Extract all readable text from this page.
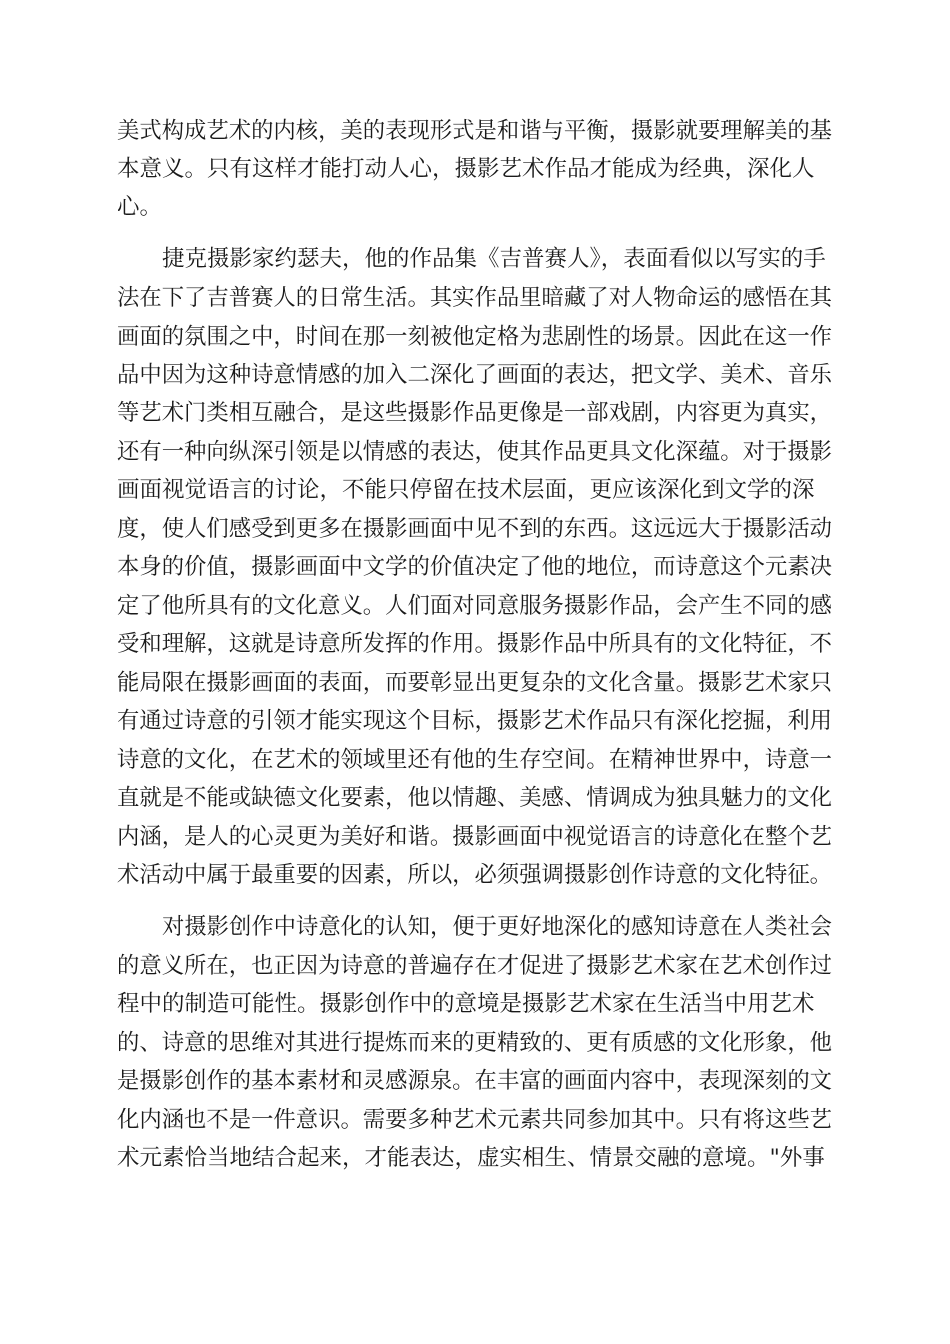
美式构成艺术的内核，美的表现形式是和谐与平衡，摄影就要理解美的基
本意义。只有这样才能打动人心，摄影艺术作品才能成为经典，深化人
心。
捷克摄影家约瑟夫，他的作品集《吉普赛人》，表面看似以写实的手
法在下了吉普赛人的日常生活。其实作品里暗藏了对人物命运的感悟在其
画面的氛围之中，时间在那一刻被他定格为悲剧性的场景。因此在这一作
品中因为这种诗意情感的加入二深化了画面的表达，把文学、美术、音乐
等艺术门类相互融合，是这些摄影作品更像是一部戏剧，内容更为真实，
还有一种向纵深引领是以情感的表达，使其作品更具文化深蕴。对于摄影
画面视觉语言的讨论，不能只停留在技术层面，更应该深化到文学的深
度，使人们感受到更多在摄影画面中见不到的东西。这远远大于摄影活动
本身的价值，摄影画面中文学的价值决定了他的地位，而诗意这个元素决
定了他所具有的文化意义。人们面对同意服务摄影作品，会产生不同的感
受和理解，这就是诗意所发挥的作用。摄影作品中所具有的文化特征，不
能局限在摄影画面的表面，而要彰显出更复杂的文化含量。摄影艺术家只
有通过诗意的引领才能实现这个目标，摄影艺术作品只有深化挖掘，利用
诗意的文化，在艺术的领域里还有他的生存空间。在精神世界中，诗意一
直就是不能或缺德文化要素，他以情趣、美感、情调成为独具魅力的文化
内涵，是人的心灵更为美好和谐。摄影画面中视觉语言的诗意化在整个艺
术活动中属于最重要的因素，所以，必须强调摄影创作诗意的文化特征。
对摄影创作中诗意化的认知，便于更好地深化的感知诗意在人类社会
的意义所在，也正因为诗意的普遍存在才促进了摄影艺术家在艺术创作过
程中的制造可能性。摄影创作中的意境是摄影艺术家在生活当中用艺术
的、诗意的思维对其进行提炼而来的更精致的、更有质感的文化形象，他
是摄影创作的基本素材和灵感源泉。在丰富的画面内容中，表现深刻的文
化内涵也不是一件意识。需要多种艺术元素共同参加其中。只有将这些艺
术元素恰当地结合起来，才能表达，虚实相生、情景交融的意境。"外事
